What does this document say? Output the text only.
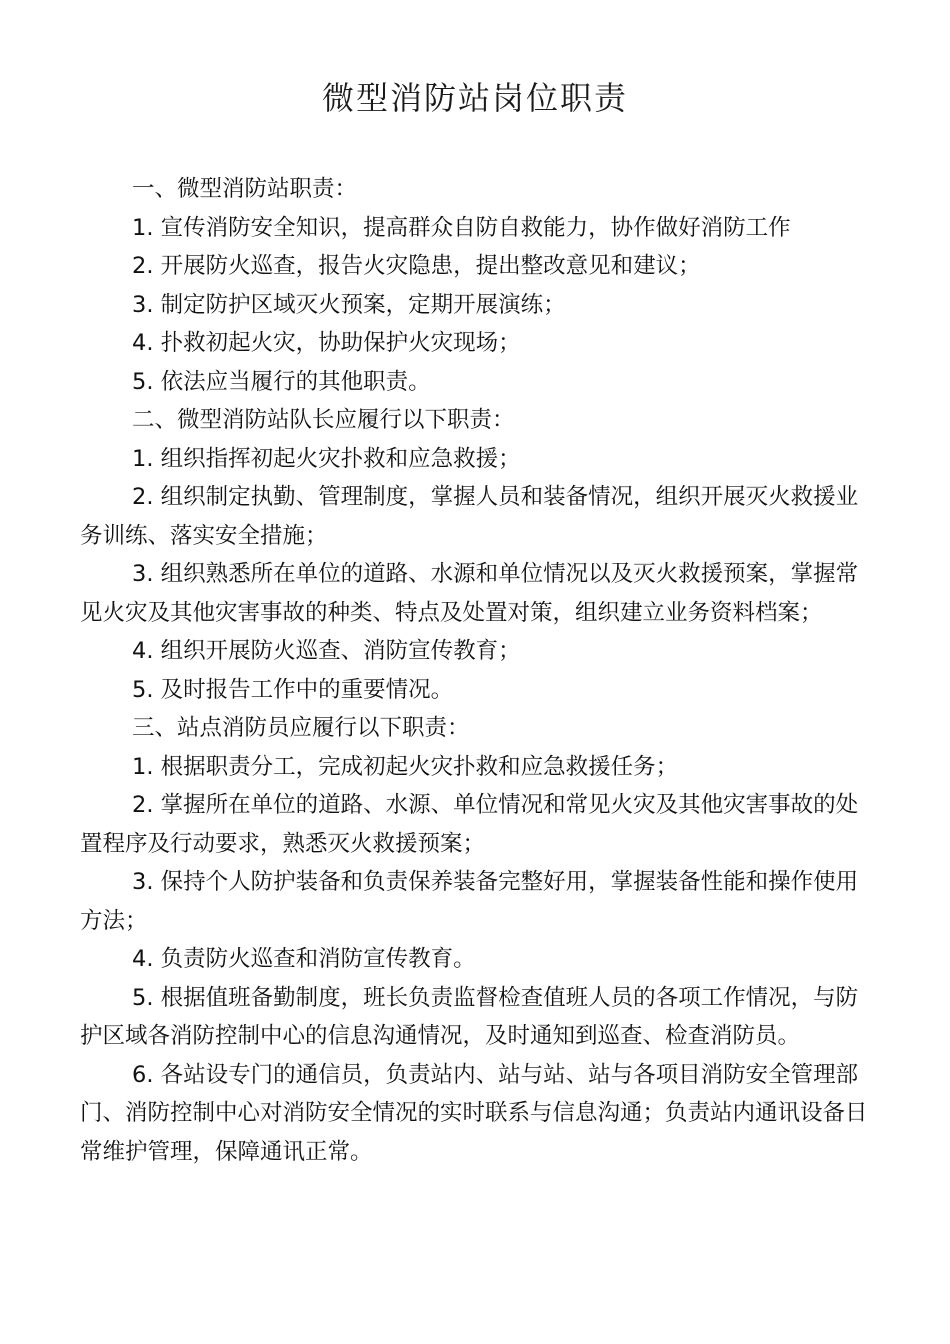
微型消防站岗位职责

一、微型消防站职责：

1. 宣传消防安全知识，提高群众自防自救能力，协作做好消防工作

2. 开展防火巡查，报告火灾隐患，提出整改意见和建议；

3. 制定防护区域灭火预案，定期开展演练；

4. 扑救初起火灾，协助保护火灾现场；

5. 依法应当履行的其他职责。

二、微型消防站队长应履行以下职责：

1. 组织指挥初起火灾扑救和应急救援；

2. 组织制定执勤、管理制度，掌握人员和装备情况，组织开展灭火救援业务训练、落实安全措施；

3. 组织熟悉所在单位的道路、水源和单位情况以及灭火救援预案，掌握常见火灾及其他灾害事故的种类、特点及处置对策，组织建立业务资料档案；

4. 组织开展防火巡查、消防宣传教育；

5. 及时报告工作中的重要情况。

三、站点消防员应履行以下职责：

1. 根据职责分工，完成初起火灾扑救和应急救援任务；

2. 掌握所在单位的道路、水源、单位情况和常见火灾及其他灾害事故的处置程序及行动要求，熟悉灭火救援预案；

3. 保持个人防护装备和负责保养装备完整好用，掌握装备性能和操作使用方法；

4. 负责防火巡查和消防宣传教育。

5. 根据值班备勤制度，班长负责监督检查值班人员的各项工作情况，与防护区域各消防控制中心的信息沟通情况，及时通知到巡查、检查消防员。

6. 各站设专门的通信员，负责站内、站与站、站与各项目消防安全管理部门、消防控制中心对消防安全情况的实时联系与信息沟通；负责站内通讯设备日常维护管理，保障通讯正常。
